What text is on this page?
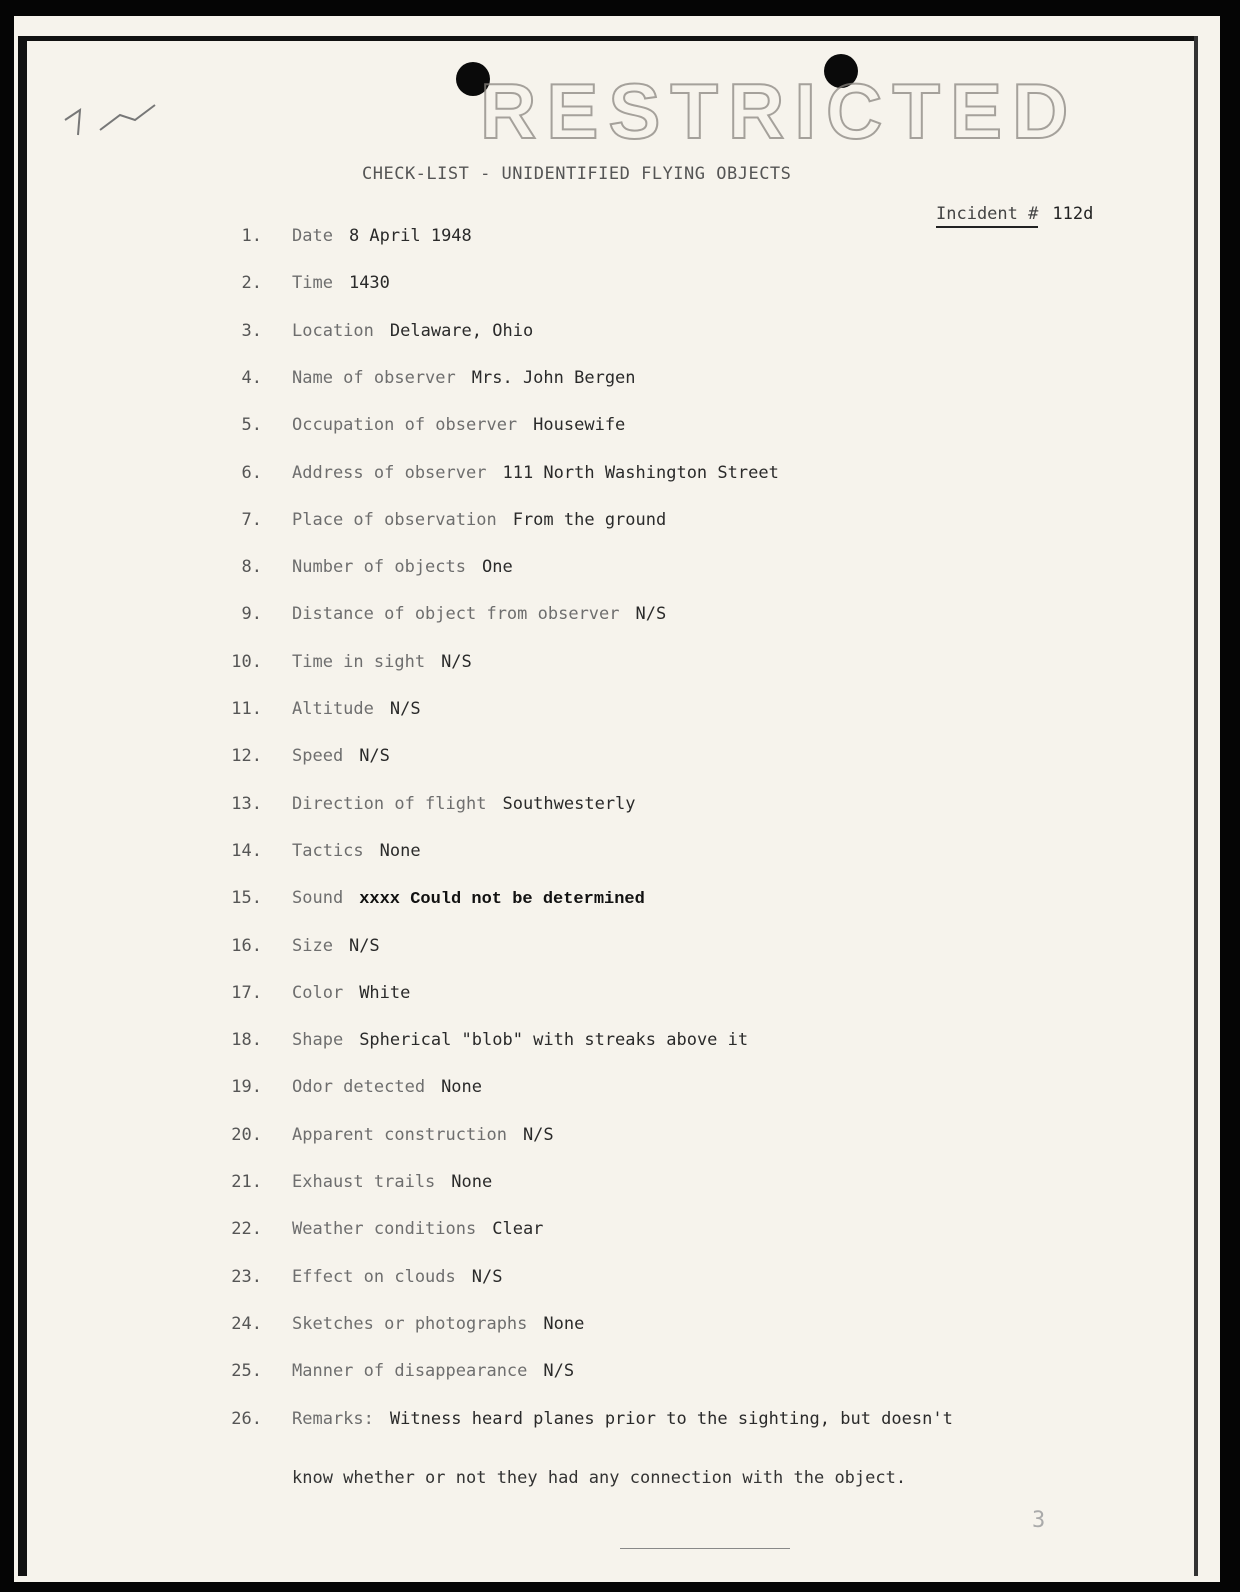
RESTRICTED
CHECK-LIST - UNIDENTIFIED FLYING OBJECTS
Incident # 112d
1. Date 8 April 1948
2. Time 1430
3. Location Delaware, Ohio
4. Name of observer Mrs. John Bergen
5. Occupation of observer Housewife
6. Address of observer 111 North Washington Street
7. Place of observation From the ground
8. Number of objects One
9. Distance of object from observer N/S
10. Time in sight N/S
11. Altitude N/S
12. Speed N/S
13. Direction of flight Southwesterly
14. Tactics None
15. Sound xxxx Could not be determined
16. Size N/S
17. Color White
18. Shape Spherical "blob" with streaks above it
19. Odor detected None
20. Apparent construction N/S
21. Exhaust trails None
22. Weather conditions Clear
23. Effect on clouds N/S
24. Sketches or photographs None
25. Manner of disappearance N/S
26. Remarks: Witness heard planes prior to the sighting, but doesn't
know whether or not they had any connection with the object.
3
